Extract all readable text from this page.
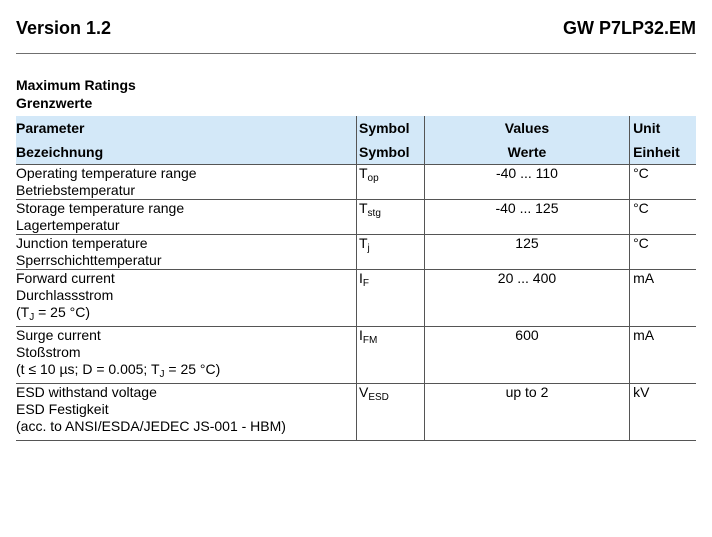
Version 1.2	GW P7LP32.EM
Maximum Ratings
Grenzwerte
Parameter	Symbol	Values	Unit
Bezeichnung	Symbol	Werte	Einheit

Operating temperature range
Betriebstemperatur	$T_{op}$	-40 ... 110	°C

Storage temperature range
Lagertemperatur	$T_{stg}$	-40 ... 125	°C

Junction temperature
Sperrschichttemperatur	$T_j$	125	°C

Forward current
Durchlassstrom
($T_J = 25$ °C)	$I_F$	20 ... 400	mA

Surge current
Stoßstrom
(t ≤ 10 µs; D = 0.005; $T_J = 25$ °C)	$I_{FM}$	600	mA

ESD withstand voltage
ESD Festigkeit
(acc. to ANSI/ESDA/JEDEC JS-001 - HBM)	$V_{ESD}$	up to 2	kV
